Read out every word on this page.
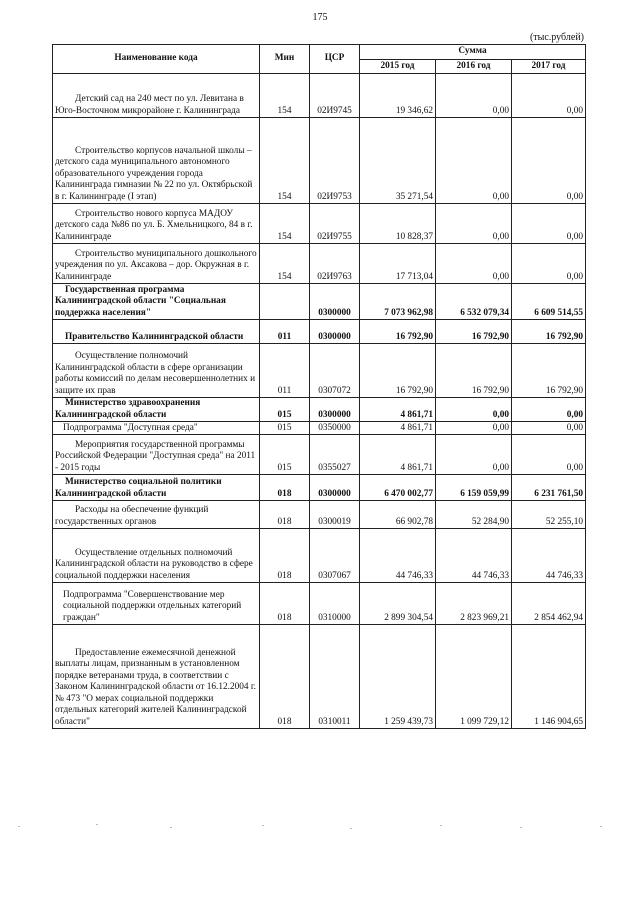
175
(тыс.рублей)
Наименование кода	Мин	ЦСР	Сумма		
			2015 год	2016 год	2017 год
Детский сад на 240 мест по ул. Левитана в Юго-Восточном микрорайоне г. Калининграда	154	02И9745	19 346,62	0,00	0,00
Строительство корпусов начальной школы – детского сада муниципального автономного образовательного учреждения города Калининграда гимназии № 22 по ул. Октябрьской в г. Калининграде (I этап)	154	02И9753	35 271,54	0,00	0,00
Строительство нового корпуса МАДОУ детского сада №86 по ул. Б. Хмельницкого, 84 в г. Калининграде	154	02И9755	10 828,37	0,00	0,00
Строительство муниципального дошкольного учреждения по ул. Аксакова – дор. Окружная в г. Калининграде	154	02И9763	17 713,04	0,00	0,00
Государственная программа Калининградской области "Социальная поддержка населения"		0300000	7 073 962,98	6 532 079,34	6 609 514,55
Правительство Калининградской области	011	0300000	16 792,90	16 792,90	16 792,90
Осуществление полномочий Калининградской области в сфере организации работы комиссий по делам несовершеннолетних и защите их прав	011	0307072	16 792,90	16 792,90	16 792,90
Министерство здравоохранения Калининградской области	015	0300000	4 861,71	0,00	0,00
Подпрограмма "Доступная среда"	015	0350000	4 861,71	0,00	0,00
Мероприятия государственной программы Российской Федерации "Доступная среда" на 2011 - 2015 годы	015	0355027	4 861,71	0,00	0,00
Министерство социальной политики Калининградской области	018	0300000	6 470 002,77	6 159 059,99	6 231 761,50
Расходы на обеспечение функций государственных органов	018	0300019	66 902,78	52 284,90	52 255,10
Осуществление отдельных полномочий Калининградской области на руководство в сфере социальной поддержки населения	018	0307067	44 746,33	44 746,33	44 746,33
Подпрограмма "Совершенствование мер социальной поддержки отдельных категорий граждан"	018	0310000	2 899 304,54	2 823 969,21	2 854 462,94
Предоставление ежемесячной денежной выплаты лицам, признанным в установленном порядке ветеранами труда, в соответствии с Законом Калининградской области от 16.12.2004 г. № 473 "О мерах социальной поддержки отдельных категорий жителей Калининградской области"	018	0310011	1 259 439,73	1 099 729,12	1 146 904,65
